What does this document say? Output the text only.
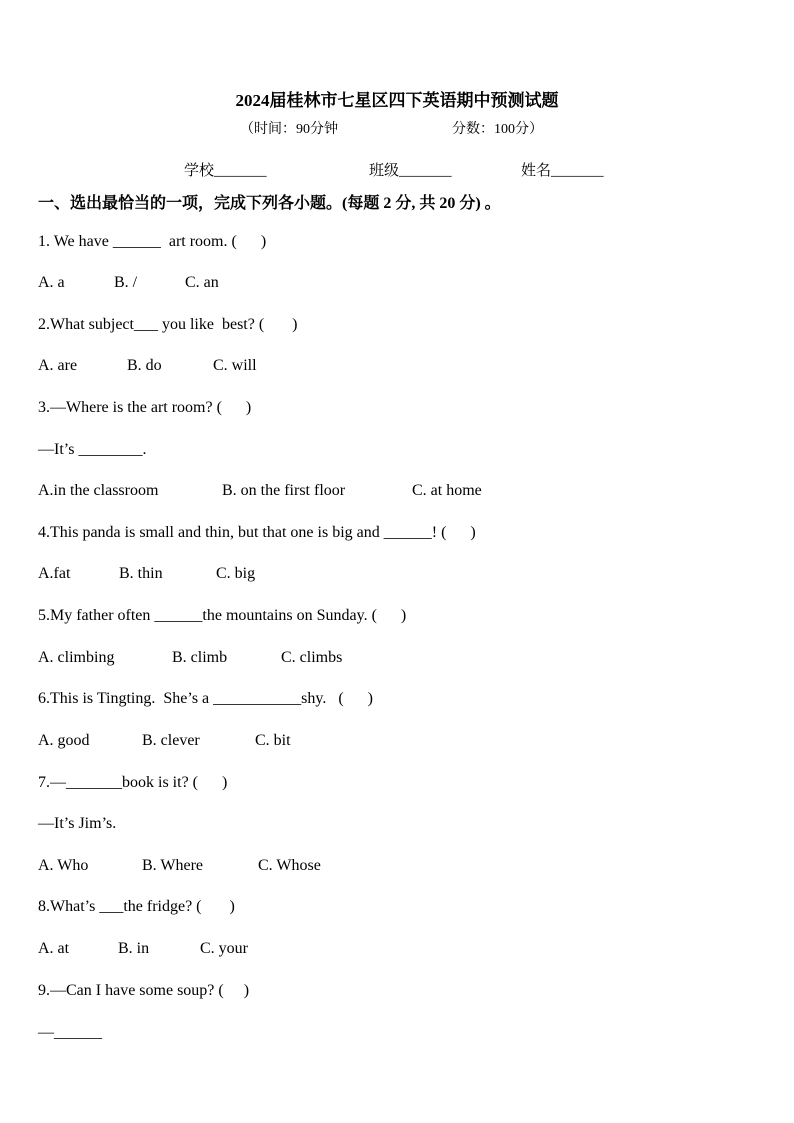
2024届桂林市七星区四下英语期中预测试题
（时间：90分钟	分数：100分）
学校_______	班级_______	姓名_______
一、选出最恰当的一项，完成下列各小题。(每题 2 分, 共 20 分) 。
1. We have ______  art room. (      )
A. a	B. /	C. an
2.What subject___ you like  best? (       )
A. are	B. do	C. will
3.—Where is the art room? (      )
—It’s ________.
A.in the classroom	B. on the first floor	C. at home
4.This panda is small and thin, but that one is big and ______! (      )
A.fat	B. thin	C. big
5.My father often ______the mountains on Sunday. (      )
A. climbing	B. climb	C. climbs
6.This is Tingting.  She’s a ___________shy.   (      )
A. good	B. clever	C. bit
7.—_______book is it? (      )
—It’s Jim’s.
A. Who	B. Where	C. Whose
8.What’s ___the fridge? (       )
A. at	B. in	C. your
9.—Can I have some soup? (     )
—______
